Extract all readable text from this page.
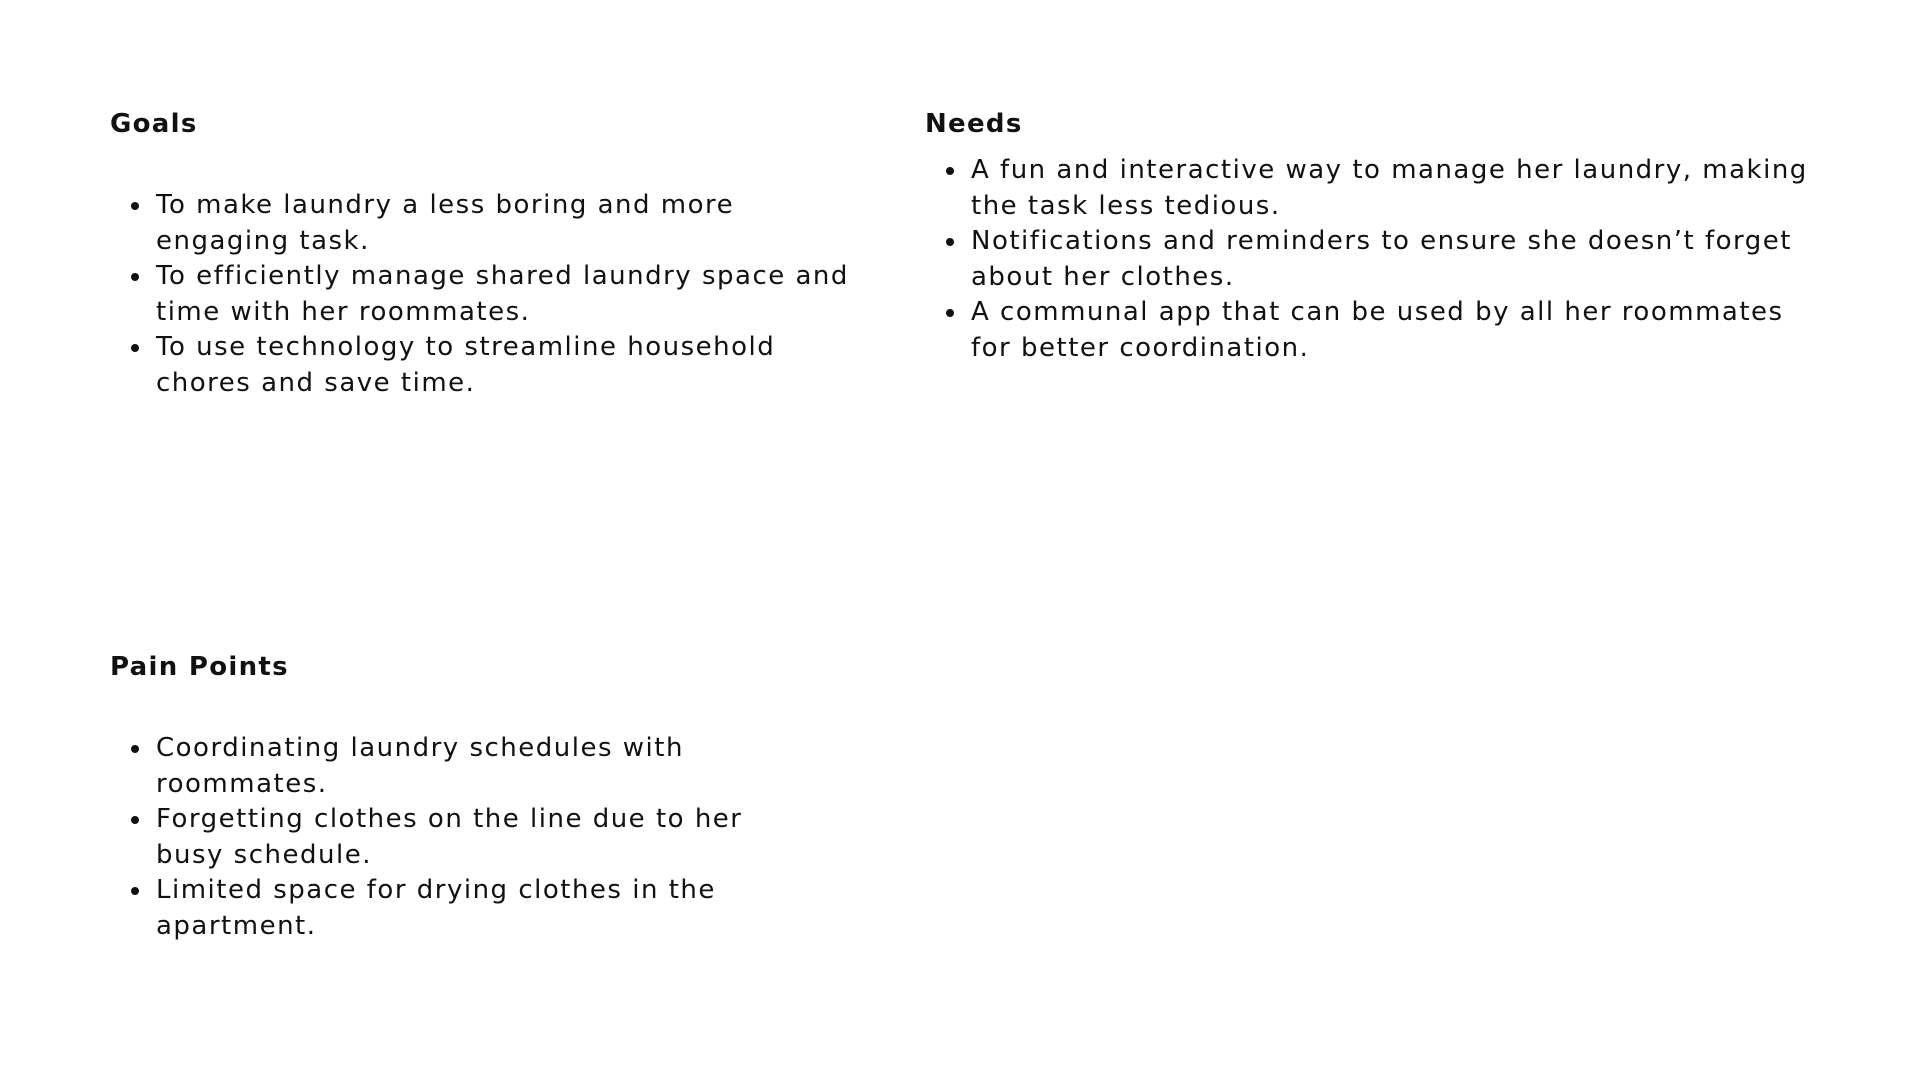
Goals
To make laundry a less boring and more engaging task.
To efficiently manage shared laundry space and time with her roommates.
To use technology to streamline household chores and save time.
Needs
A fun and interactive way to manage her laundry, making the task less tedious.
Notifications and reminders to ensure she doesn’t forget about her clothes.
A communal app that can be used by all her roommates for better coordination.
Pain Points
Coordinating laundry schedules with roommates.
Forgetting clothes on the line due to her busy schedule.
Limited space for drying clothes in the apartment.
